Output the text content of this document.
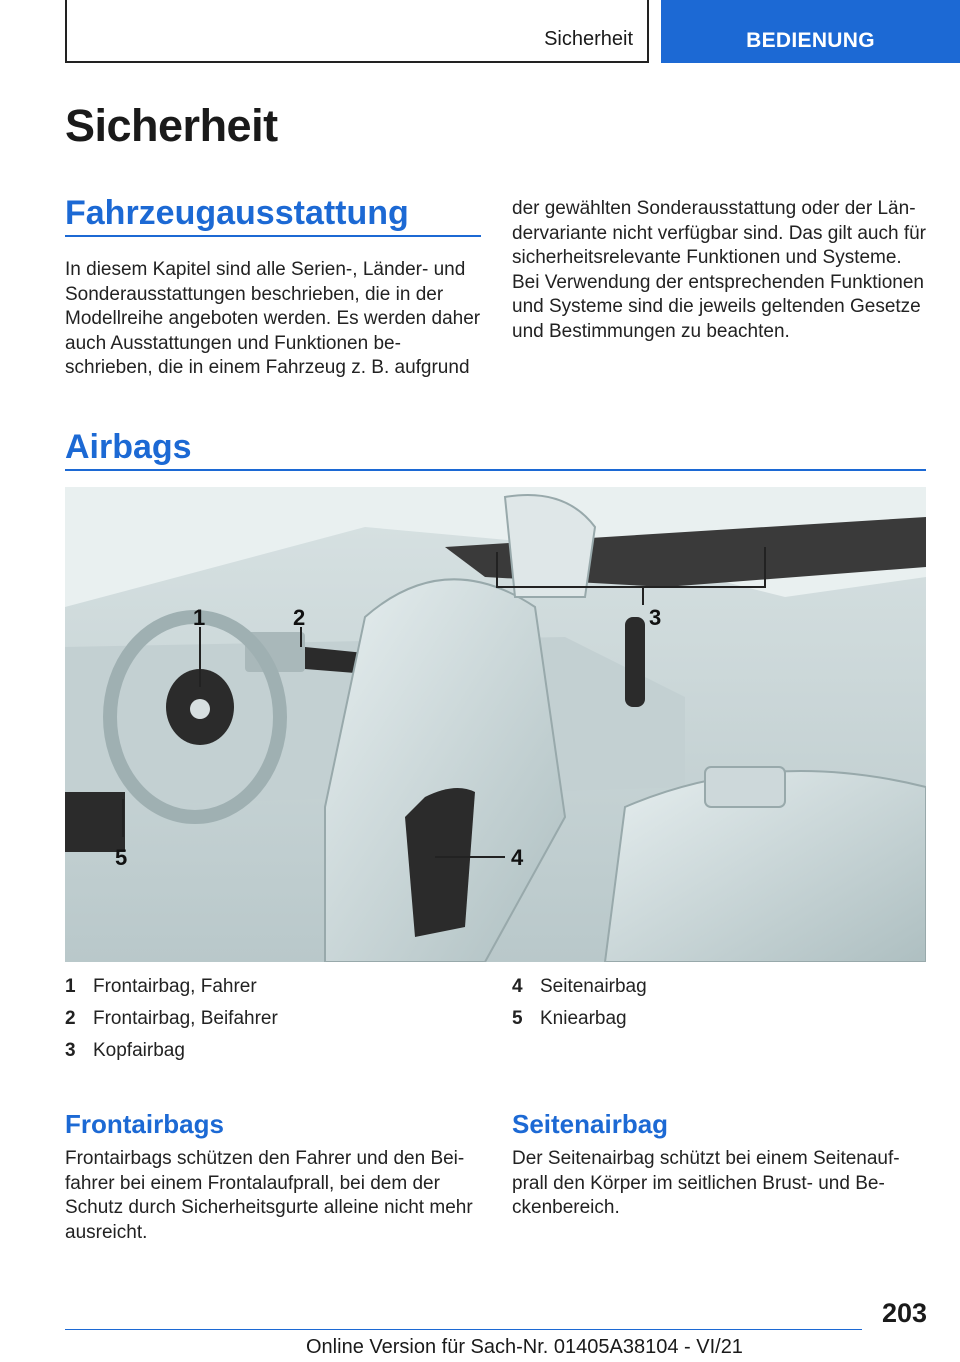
Sicherheit	BEDIENUNG
Sicherheit
Fahrzeugausstattung

In diesem Kapitel sind alle Serien-, Länder- und Sonderausstattungen beschrieben, die in der Modellreihe angeboten werden. Es werden daher auch Ausstattungen und Funktionen beschrieben, die in einem Fahrzeug z. B. aufgrund

der gewählten Sonderausstattung oder der Ländervariante nicht verfügbar sind. Das gilt auch für sicherheitsrelevante Funktionen und Systeme. Bei Verwendung der entsprechenden Funktionen und Systeme sind die jeweils geltenden Gesetze und Bestimmungen zu beachten.

Airbags
1	2	3
4
5
1 Frontairbag, Fahrer
2 Frontairbag, Beifahrer
3 Kopfairbag
4 Seitenairbag
5 Kniearbag
Frontairbags

Frontairbags schützen den Fahrer und den Beifahrer bei einem Frontalaufprall, bei dem der Schutz durch Sicherheitsgurte alleine nicht mehr ausreicht.

Seitenairbag

Der Seitenairbag schützt bei einem Seitenaufprall den Körper im seitlichen Brust- und Beckenbereich.

203
Online Version für Sach-Nr. 01405A38104 - VI/21
